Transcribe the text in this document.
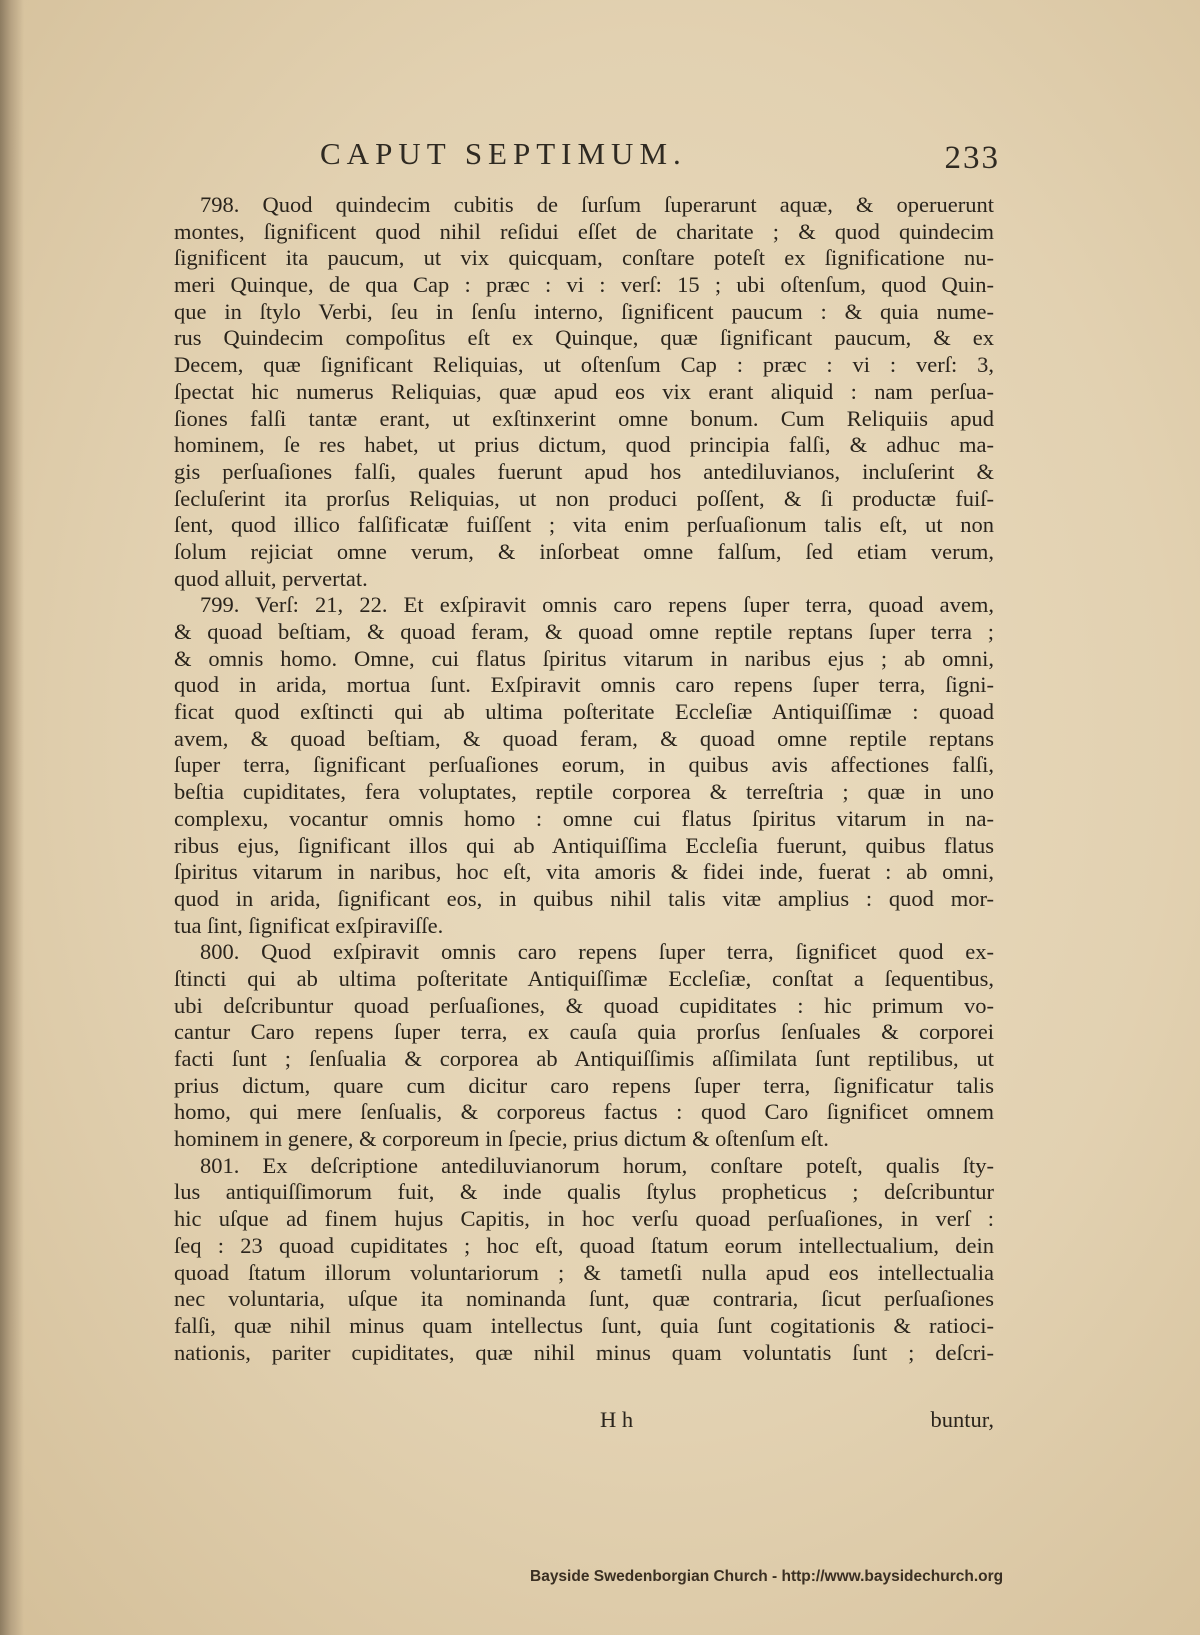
CAPUT SEPTIMUM.	233
798. Quod quindecim cubitis de ſurſum ſuperarunt aquæ, & operuerunt
montes, ſignificent quod nihil reſidui eſſet de charitate ; & quod quindecim
ſignificent ita paucum, ut vix quicquam, conſtare poteſt ex ſignificatione nu-
meri Quinque, de qua Cap : præc : vi : verſ: 15 ; ubi oſtenſum, quod Quin-
que in ſtylo Verbi, ſeu in ſenſu interno, ſignificent paucum : & quia nume-
rus Quindecim compoſitus eſt ex Quinque, quæ ſignificant paucum, & ex
Decem, quæ ſignificant Reliquias, ut oſtenſum Cap : præc : vi : verſ: 3,
ſpectat hic numerus Reliquias, quæ apud eos vix erant aliquid : nam perſua-
ſiones falſi tantæ erant, ut exſtinxerint omne bonum. Cum Reliquiis apud
hominem, ſe res habet, ut prius dictum, quod principia falſi, & adhuc ma-
gis perſuaſiones falſi, quales fuerunt apud hos antediluvianos, incluſerint &
ſecluſerint ita prorſus Reliquias, ut non produci poſſent, & ſi productæ fuiſ-
ſent, quod illico falſificatæ fuiſſent ; vita enim perſuaſionum talis eſt, ut non
ſolum rejiciat omne verum, & inſorbeat omne falſum, ſed etiam verum,
quod alluit, pervertat.
799. Verſ: 21, 22. Et exſpiravit omnis caro repens ſuper terra, quoad avem,
& quoad beſtiam, & quoad feram, & quoad omne reptile reptans ſuper terra ;
& omnis homo. Omne, cui flatus ſpiritus vitarum in naribus ejus ; ab omni,
quod in arida, mortua ſunt. Exſpiravit omnis caro repens ſuper terra, ſigni-
ficat quod exſtincti qui ab ultima poſteritate Eccleſiæ Antiquiſſimæ : quoad
avem, & quoad beſtiam, & quoad feram, & quoad omne reptile reptans
ſuper terra, ſignificant perſuaſiones eorum, in quibus avis affectiones falſi,
beſtia cupiditates, fera voluptates, reptile corporea & terreſtria ; quæ in uno
complexu, vocantur omnis homo : omne cui flatus ſpiritus vitarum in na-
ribus ejus, ſignificant illos qui ab Antiquiſſima Eccleſia fuerunt, quibus flatus
ſpiritus vitarum in naribus, hoc eſt, vita amoris & fidei inde, fuerat : ab omni,
quod in arida, ſignificant eos, in quibus nihil talis vitæ amplius : quod mor-
tua ſint, ſignificat exſpiraviſſe.
800. Quod exſpiravit omnis caro repens ſuper terra, ſignificet quod ex-
ſtincti qui ab ultima poſteritate Antiquiſſimæ Eccleſiæ, conſtat a ſequentibus,
ubi deſcribuntur quoad perſuaſiones, & quoad cupiditates : hic primum vo-
cantur Caro repens ſuper terra, ex cauſa quia prorſus ſenſuales & corporei
facti ſunt ; ſenſualia & corporea ab Antiquiſſimis aſſimilata ſunt reptilibus, ut
prius dictum, quare cum dicitur caro repens ſuper terra, ſignificatur talis
homo, qui mere ſenſualis, & corporeus factus : quod Caro ſignificet omnem
hominem in genere, & corporeum in ſpecie, prius dictum & oſtenſum eſt.
801. Ex deſcriptione antediluvianorum horum, conſtare poteſt, qualis ſty-
lus antiquiſſimorum fuit, & inde qualis ſtylus propheticus ; deſcribuntur
hic uſque ad finem hujus Capitis, in hoc verſu quoad perſuaſiones, in verſ :
ſeq : 23 quoad cupiditates ; hoc eſt, quoad ſtatum eorum intellectualium, dein
quoad ſtatum illorum voluntariorum ; & tametſi nulla apud eos intellectualia
nec voluntaria, uſque ita nominanda ſunt, quæ contraria, ſicut perſuaſiones
falſi, quæ nihil minus quam intellectus ſunt, quia ſunt cogitationis & ratioci-
nationis, pariter cupiditates, quæ nihil minus quam voluntatis ſunt ; deſcri-
H h	buntur,
Bayside Swedenborgian Church - http://www.baysidechurch.org
